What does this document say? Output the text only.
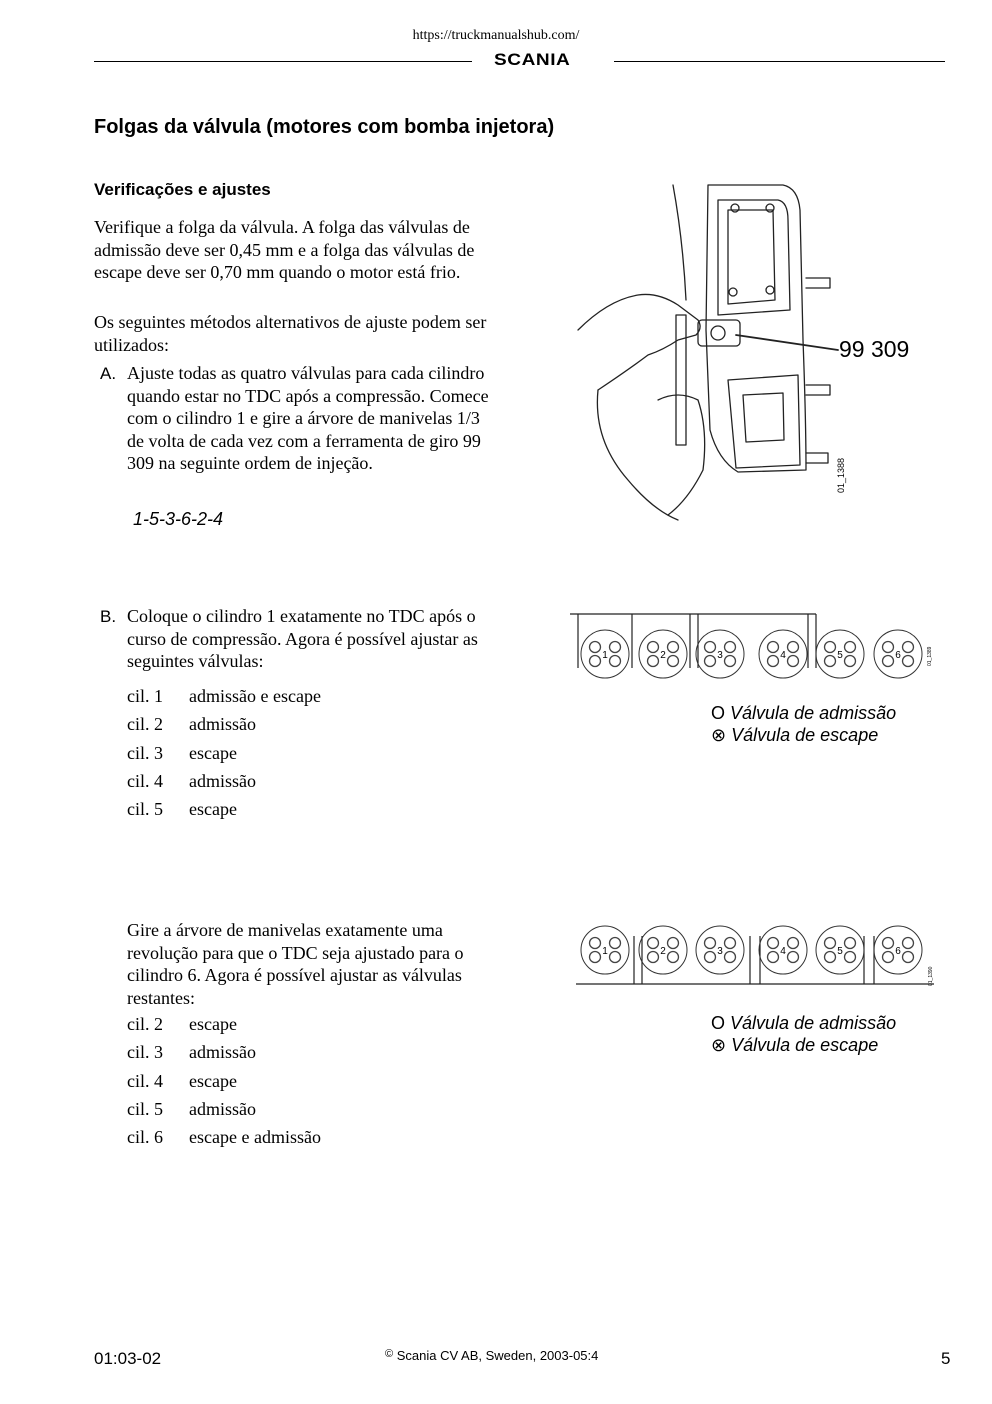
https://truckmanualshub.com/
SCANIA
Folgas da válvula (motores com bomba injetora)
Verificações e ajustes
Verifique a folga da válvula. A folga das válvulas de admissão deve ser 0,45 mm e a folga das válvulas de escape deve ser 0,70 mm quando o motor está frio.
Os seguintes métodos alternativos de ajuste podem ser utilizados:
A. Ajuste todas as quatro válvulas para cada cilindro quando estar no TDC após a compressão. Comece com o cilindro 1 e gire a árvore de manivelas 1/3 de volta de cada vez com a ferramenta de giro 99 309 na seguinte ordem de injeção.
1-5-3-6-2-4
B. Coloque o cilindro 1 exatamente no TDC após o curso de compressão. Agora é possível ajustar as seguintes válvulas:
cil. 1	admissão e escape
cil. 2	admissão
cil. 3	escape
cil. 4	admissão
cil. 5	escape
Gire a árvore de manivelas exatamente uma revolução para que o TDC seja ajustado para o cilindro 6. Agora é possível ajustar as válvulas restantes:
cil. 2	escape
cil. 3	admissão
cil. 4	escape
cil. 5	admissão
cil. 6	escape e admissão
99 309
01_1388
1	2	3	4	5	6	01_1389
O Válvula de admissão
⊗ Válvula de escape
1	2	3	4	5	6
01_1390
O Válvula de admissão
⊗ Válvula de escape
01:03-02	© Scania CV AB, Sweden, 2003-05:4	5
